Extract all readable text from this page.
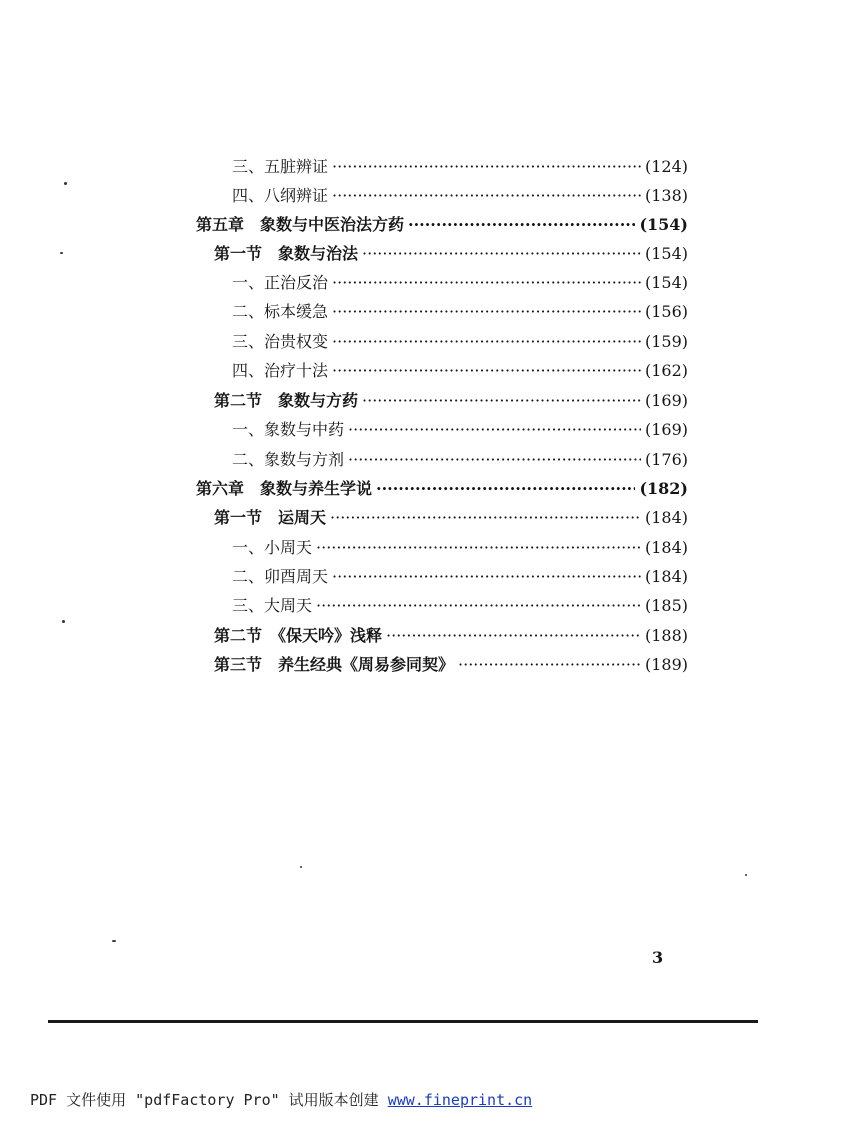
三、五脏辨证 ·····	(124)
四、八纲辨证 ·····	(138)
第五章　象数与中医治法方药 ·····	(154)
第一节　象数与治法 ·····	(154)
一、正治反治 ·····	(154)
二、标本缓急 ·····	(156)
三、治贵权变 ·····	(159)
四、治疗十法 ·····	(162)
第二节　象数与方药 ·····	(169)
一、象数与中药 ·····	(169)
二、象数与方剂 ·····	(176)
第六章　象数与养生学说 ·····	(182)
第一节　运周天 ·····	(184)
一、小周天 ·····	(184)
二、卯酉周天 ·····	(184)
三、大周天 ·····	(185)
第二节　《保天吟》浅释 ·····	(188)
第三节　养生经典《周易参同契》 ·····	(189)
3
PDF 文件使用 "pdfFactory Pro" 试用版本创建 www.fineprint.cn
